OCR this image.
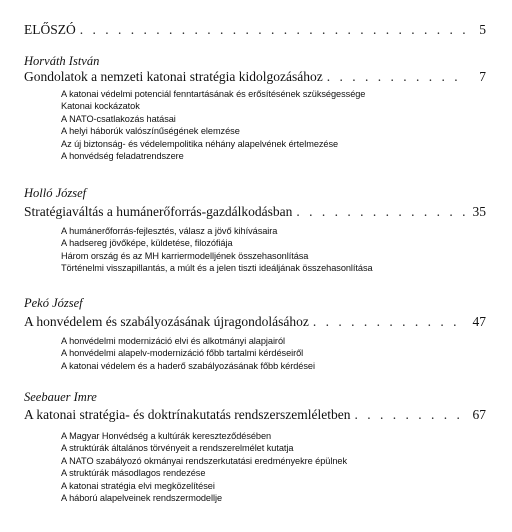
ELŐSZÓ . . .	5
Horváth István
Gondolatok a nemzeti katonai stratégia kidolgozásához . . .	7
A katonai védelmi potenciál fenntartásának és erősítésének szükségessége
Katonai kockázatok
A NATO-csatlakozás hatásai
A helyi háborúk valószínűségének elemzése
Az új biztonság- és védelempolitika néhány alapelvének értelmezése
A honvédség feladatrendszere
Holló József
Stratégiaváltás a humánerőforrás-gazdálkodásban . . .	35
A humánerőforrás-fejlesztés, válasz a jövő kihívásaira
A hadsereg jövőképe, küldetése, filozófiája
Három ország és az MH karriermodelljének összehasonlítása
Történelmi visszapillantás, a múlt és a jelen tiszti ideáljának összehasonlítása
Pekó József
A honvédelem és szabályozásának újragondolásához . . .	47
A honvédelmi modernizáció elvi és alkotmányi alapjairól
A honvédelmi alapelv-modernizáció főbb tartalmi kérdéseiről
A katonai védelem és a haderő szabályozásának főbb kérdései
Seebauer Imre
A katonai stratégia- és doktrínakutatás rendszerszemléletben . . .	67
A Magyar Honvédség a kultúrák kereszteződésében
A struktúrák általános törvényeit a rendszerelmélet kutatja
A NATO szabályozó okmányai rendszerkutatási eredményekre épülnek
A struktúrák másodlagos rendezése
A katonai stratégia elvi megközelítései
A háború alapelveinek rendszermodellje
